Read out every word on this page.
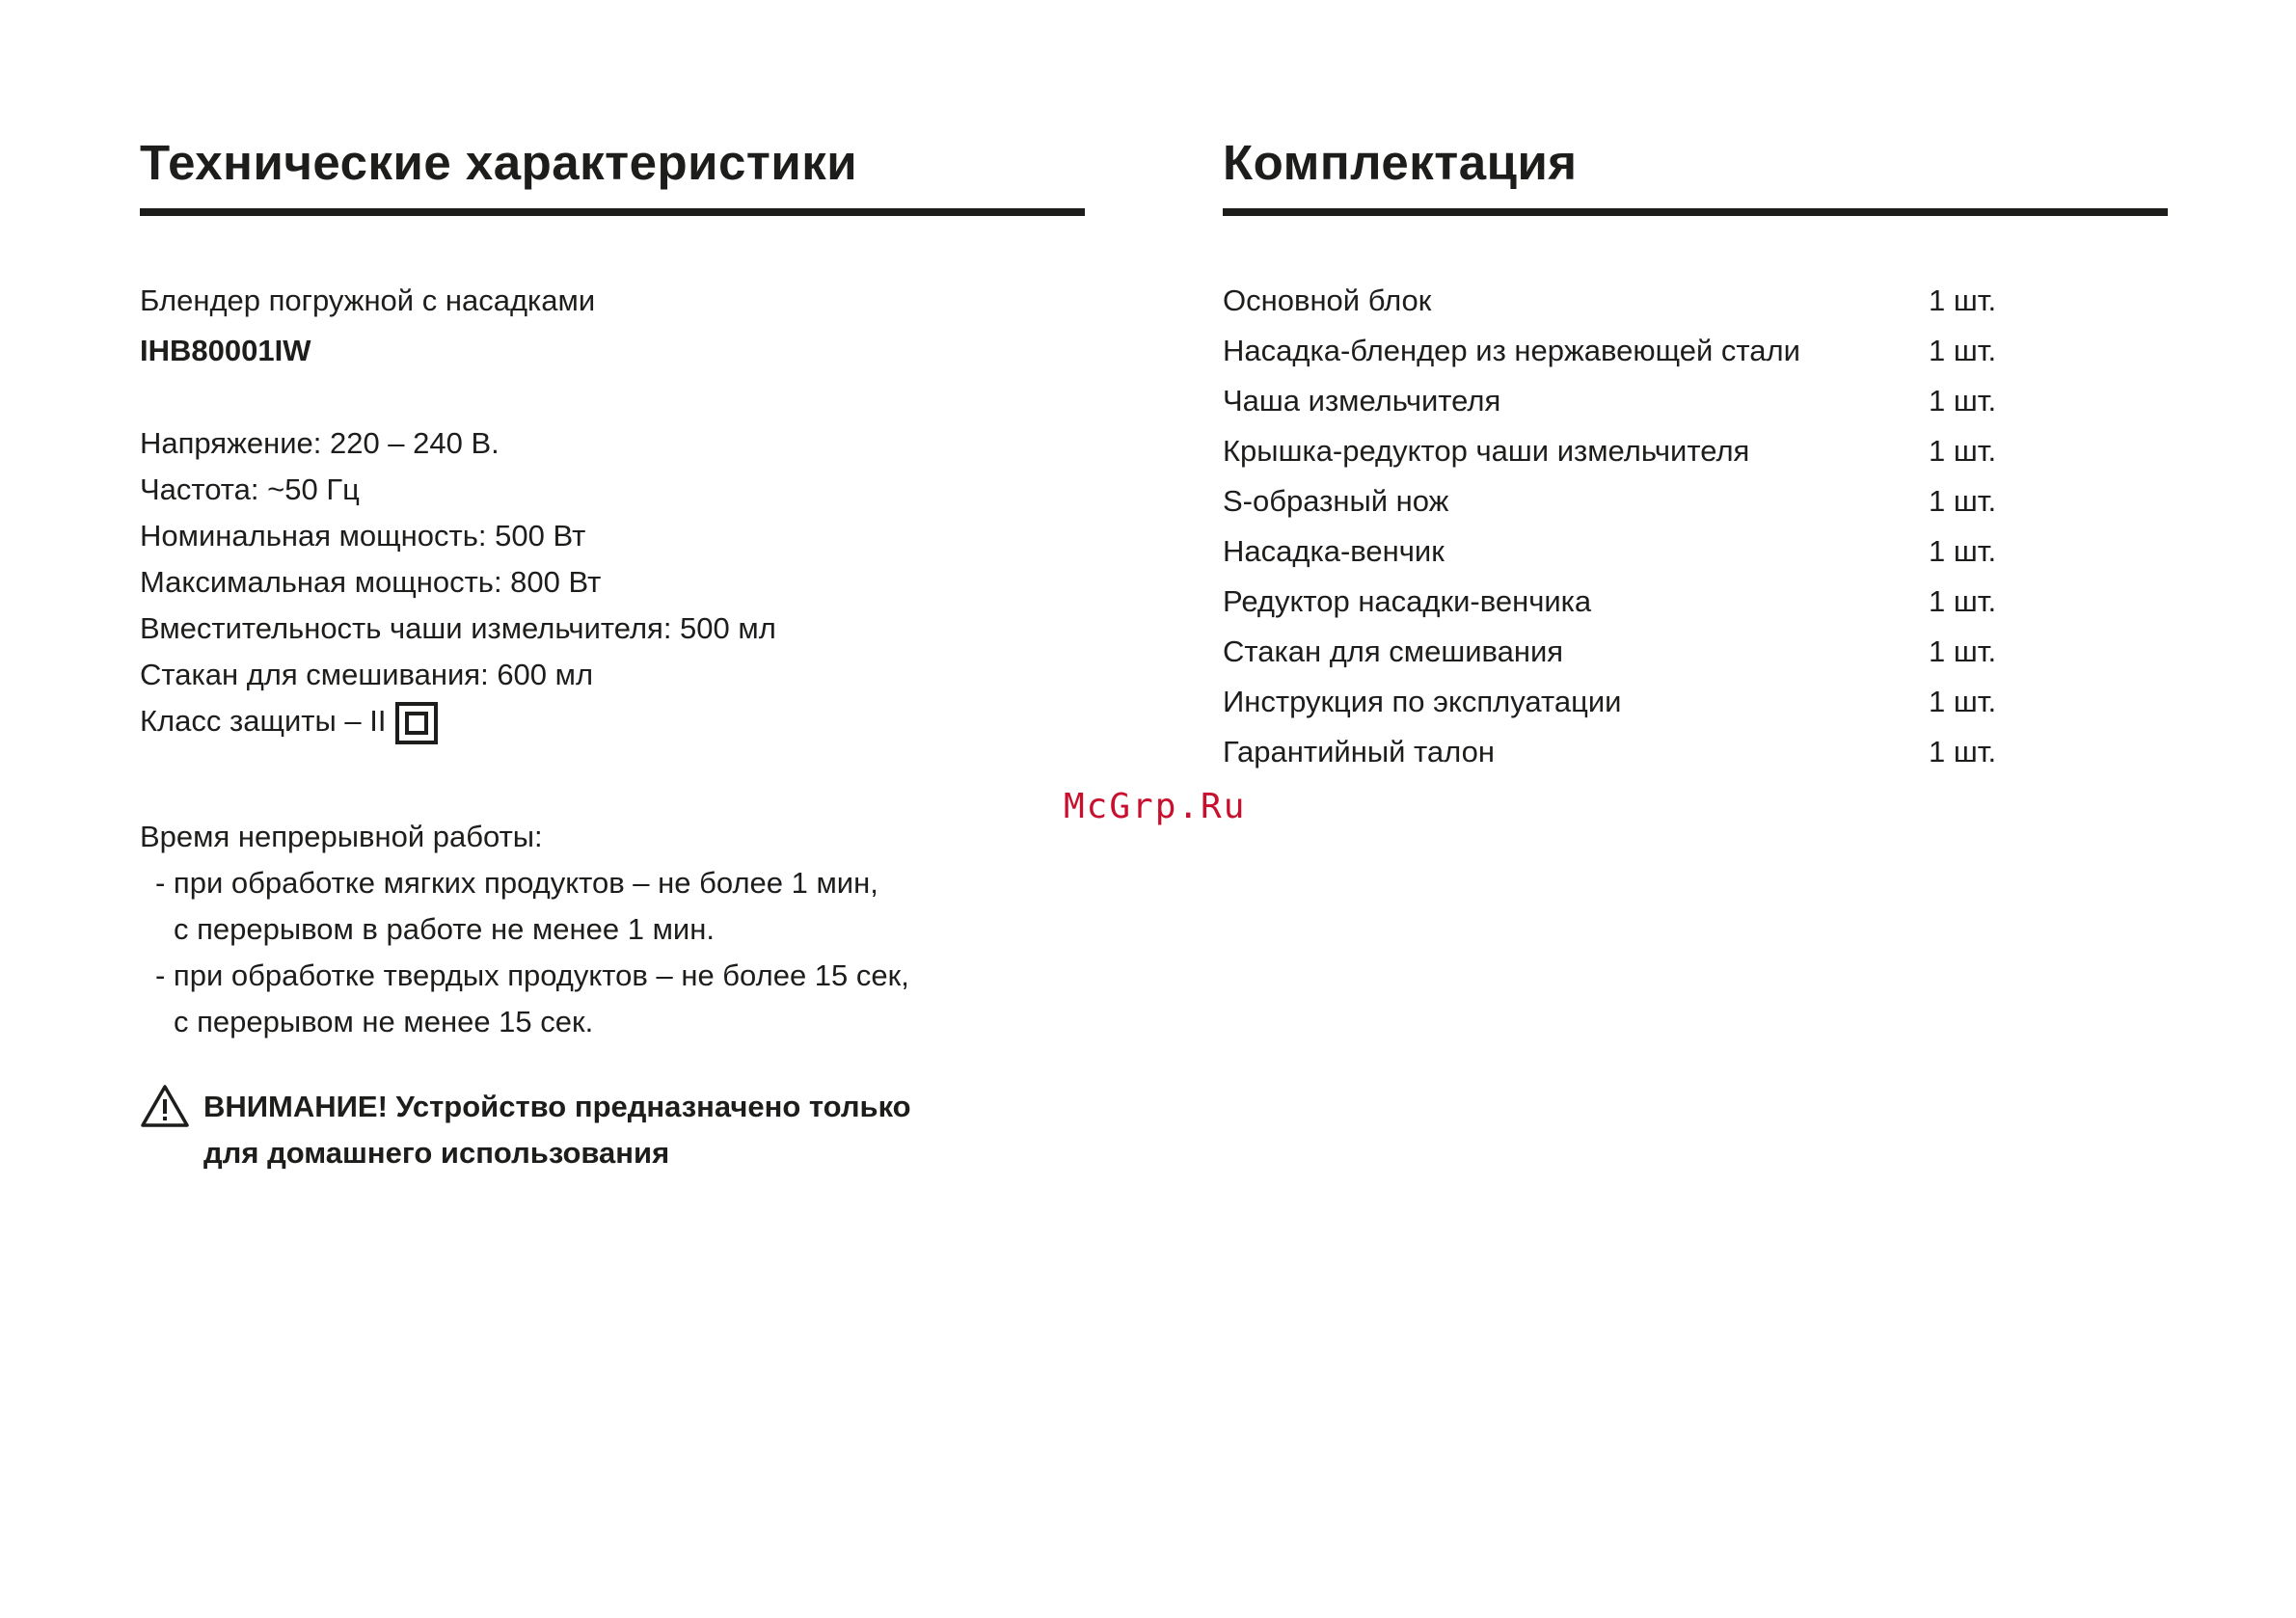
Технические характеристики

Блендер погружной с насадками

IHB80001IW

Напряжение: 220 – 240 В.
Частота: ~50 Гц
Номинальная мощность: 500 Вт
Максимальная мощность: 800 Вт
Вместительность чаши измельчителя: 500 мл
Стакан для смешивания: 600 мл
Класс защиты – II
Время непрерывной работы:
- при обработке мягких продуктов – не более 1 мин,
с перерывом в работе не менее 1 мин.
- при обработке твердых продуктов – не более 15 сек,
с перерывом не менее 15 сек.
ВНИМАНИЕ! Устройство предназначено только
для домашнего использования
Комплектация
Основной блок	1 шт.
Насадка-блендер из нержавеющей стали	1 шт.
Чаша измельчителя	1 шт.
Крышка-редуктор чаши измельчителя	1 шт.
S-образный нож	1 шт.
Насадка-венчик	1 шт.
Редуктор насадки-венчика	1 шт.
Стакан для смешивания	1 шт.
Инструкция по эксплуатации	1 шт.
Гарантийный талон	1 шт.
McGrp.Ru
